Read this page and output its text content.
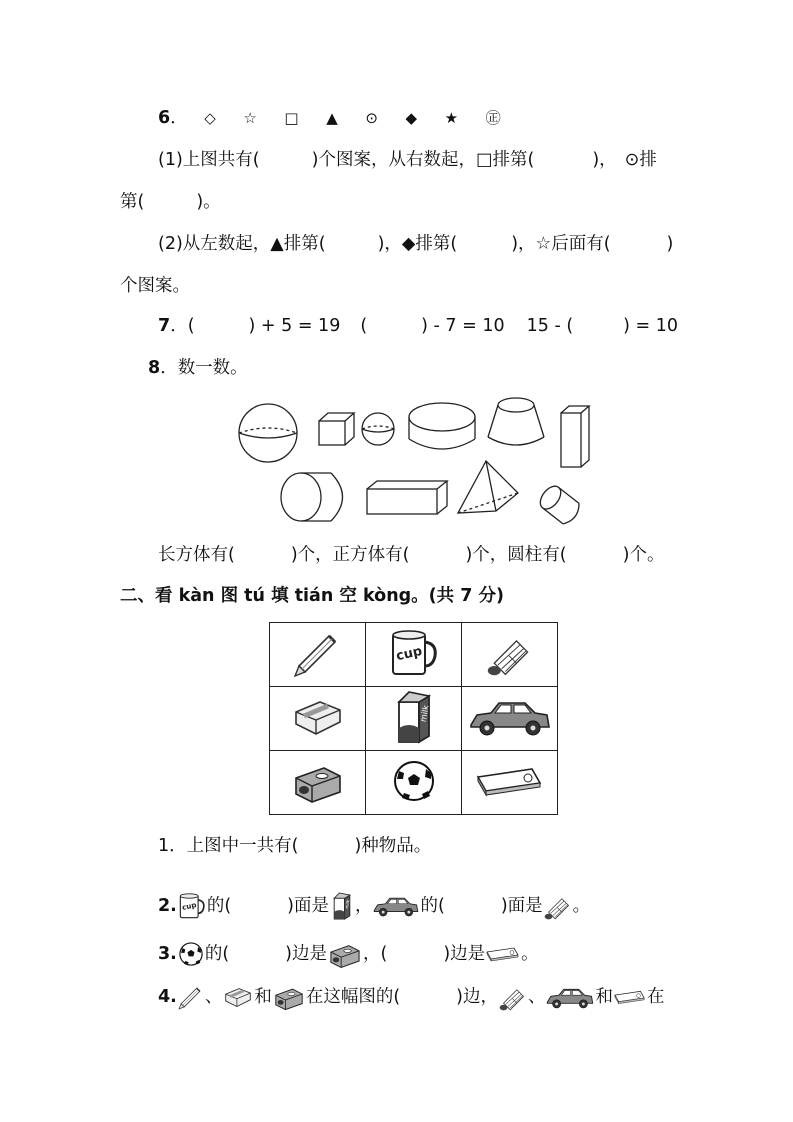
6． ◇ ☆ □ ▲ ⊙ ◆ ★ ㊣
(1)上图共有(	)个图案，从右数起，□排第(	)， ⊙排
第(	)。
(2)从左数起，▲排第(	)，◆排第(	)，☆后面有(	)
个图案。
7．(	) + 5 = 19 (	) - 7 = 10 15 - (	) = 10
8．数一数。
长方体有(	)个，正方体有(	)个，圆柱有(	)个。
二、看 kàn 图 tú 填 tián 空 kòng。(共 7 分)

1．上图中一共有(	)种物品。
2. 的(	)面是 ，	的(	)面是 。
3. 的(	)边是 ，(	)边是 。
4. 、 和 在这幅图的(	)边， 、	和 在
